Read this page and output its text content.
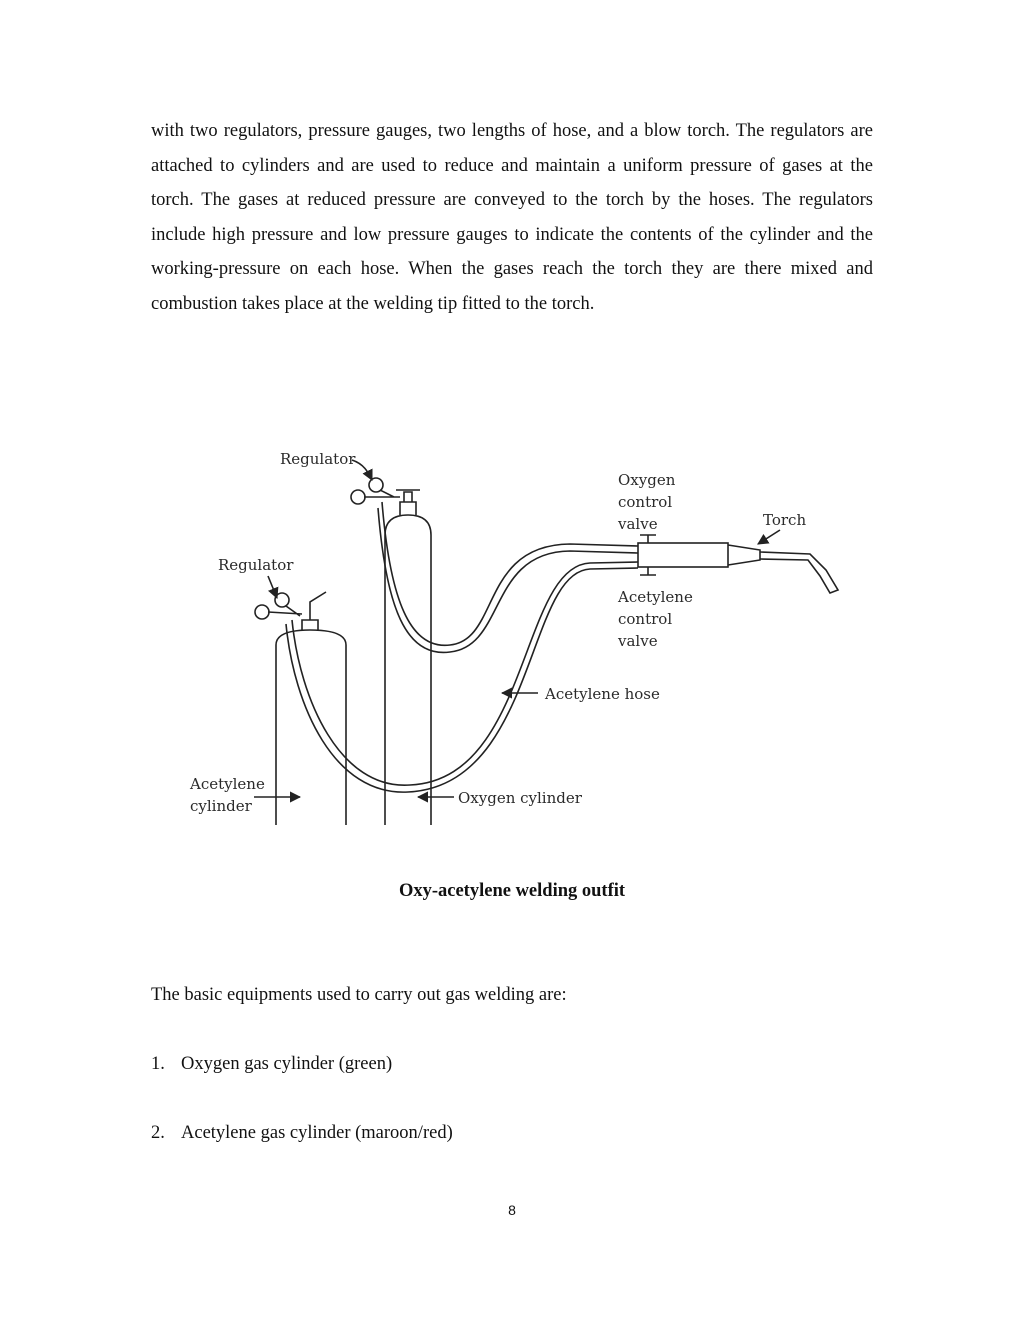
with two regulators, pressure gauges, two lengths of hose, and a blow torch. The regulators are attached to cylinders and are used to reduce and maintain a uniform pressure of gases at the torch. The gases at reduced pressure are conveyed to the torch by the hoses. The regulators include high pressure and low pressure gauges to indicate the contents of the cylinder and the working-pressure on each hose. When the gases reach the torch they are there mixed and combustion takes place at the welding tip fitted to the torch.

Regulator
Regulator
Oxygen
control
valve	Torch
Acetylene
control
valve
Acetylene hose
Acetylene
cylinder	Oxygen cylinder

Oxy-acetylene welding outfit

The basic equipments used to carry out gas welding are:

1. Oxygen gas cylinder (green)
2. Acetylene gas cylinder (maroon/red)

8
